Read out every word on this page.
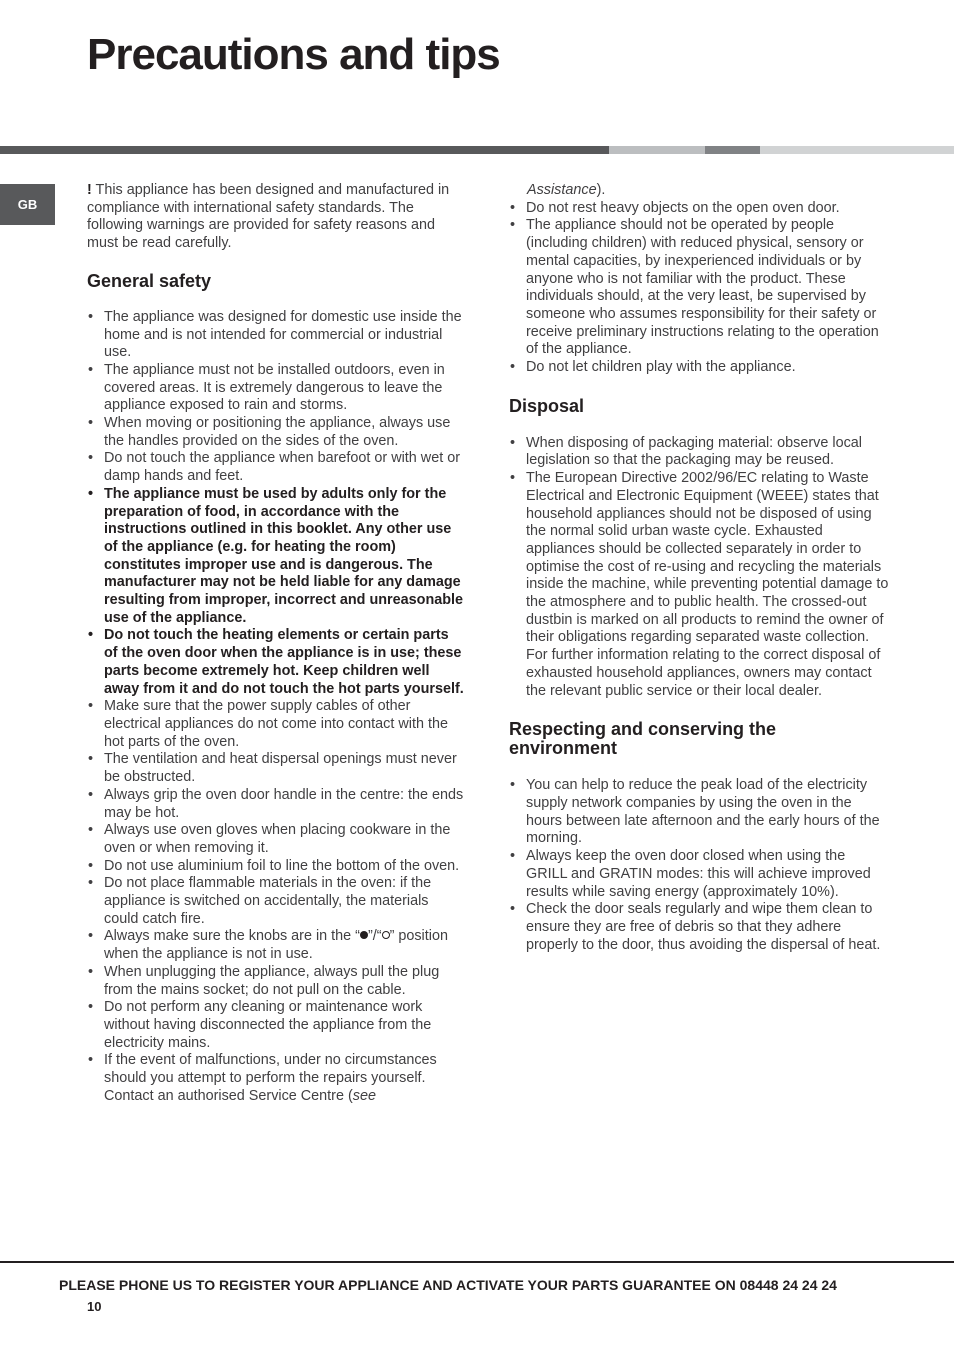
Precautions and tips
GB

! This appliance has been designed and manufactured in compliance with international safety standards. The following warnings are provided for safety reasons and must be read carefully.

General safety
• The appliance was designed for domestic use inside the home and is not intended for commercial or industrial use.
• The appliance must not be installed outdoors, even in covered areas. It is extremely dangerous to leave the appliance exposed to rain and storms.
• When moving or positioning the appliance, always use the handles provided on the sides of the oven.
• Do not touch the appliance when barefoot or with wet or damp hands and feet.
• The appliance must be used by adults only for the preparation of food, in accordance with the instructions outlined in this booklet. Any other use of the appliance (e.g. for heating the room) constitutes improper use and is dangerous. The manufacturer may not be held liable for any damage resulting from improper, incorrect and unreasonable use of the appliance.
• Do not touch the heating elements or certain parts of the oven door when the appliance is in use; these parts become extremely hot. Keep children well away from it and do not touch the hot parts yourself.
• Make sure that the power supply cables of other electrical appliances do not come into contact with the hot parts of the oven.
• The ventilation and heat dispersal openings must never be obstructed.
• Always grip the oven door handle in the centre: the ends may be hot.
• Always use oven gloves when placing cookware in the oven or when removing it.
• Do not use aluminium foil to line the bottom of the oven.
• Do not place flammable materials in the oven: if the appliance is switched on accidentally, the materials could catch fire.
• Always make sure the knobs are in the “ ”/“ ” position when the appliance is not in use.
• When unplugging the appliance, always pull the plug from the mains socket; do not pull on the cable.
• Do not perform any cleaning or maintenance work without having disconnected the appliance from the electricity mains.
• If the event of malfunctions, under no circumstances should you attempt to perform the repairs yourself. Contact an authorised Service Centre (see

Assistance).

• Do not rest heavy objects on the open oven door.
• The appliance should not be operated by people (including children) with reduced physical, sensory or mental capacities, by inexperienced individuals or by anyone who is not familiar with the product. These individuals should, at the very least, be supervised by someone who assumes responsibility for their safety or receive preliminary instructions relating to the operation of the appliance.
• Do not let children play with the appliance.
Disposal
• When disposing of packaging material: observe local legislation so that the packaging may be reused.
• The European Directive 2002/96/EC relating to Waste Electrical and Electronic Equipment (WEEE) states that household appliances should not be disposed of using the normal solid urban waste cycle. Exhausted appliances should be collected separately in order to optimise the cost of re-using and recycling the materials inside the machine, while preventing potential damage to the atmosphere and to public health. The crossed-out dustbin is marked on all products to remind the owner of their obligations regarding separated waste collection.
For further information relating to the correct disposal of exhausted household appliances, owners may contact the relevant public service or their local dealer.
Respecting and conserving the environment
• You can help to reduce the peak load of the electricity supply network companies by using the oven in the hours between late afternoon and the early hours of the morning.
• Always keep the oven door closed when using the GRILL and GRATIN modes: this will achieve improved results while saving energy (approximately 10%).
• Check the door seals regularly and wipe them clean to ensure they are free of debris so that they adhere properly to the door, thus avoiding the dispersal of heat.
PLEASE PHONE US TO REGISTER YOUR APPLIANCE AND ACTIVATE YOUR PARTS GUARANTEE ON 08448 24 24 24
10
